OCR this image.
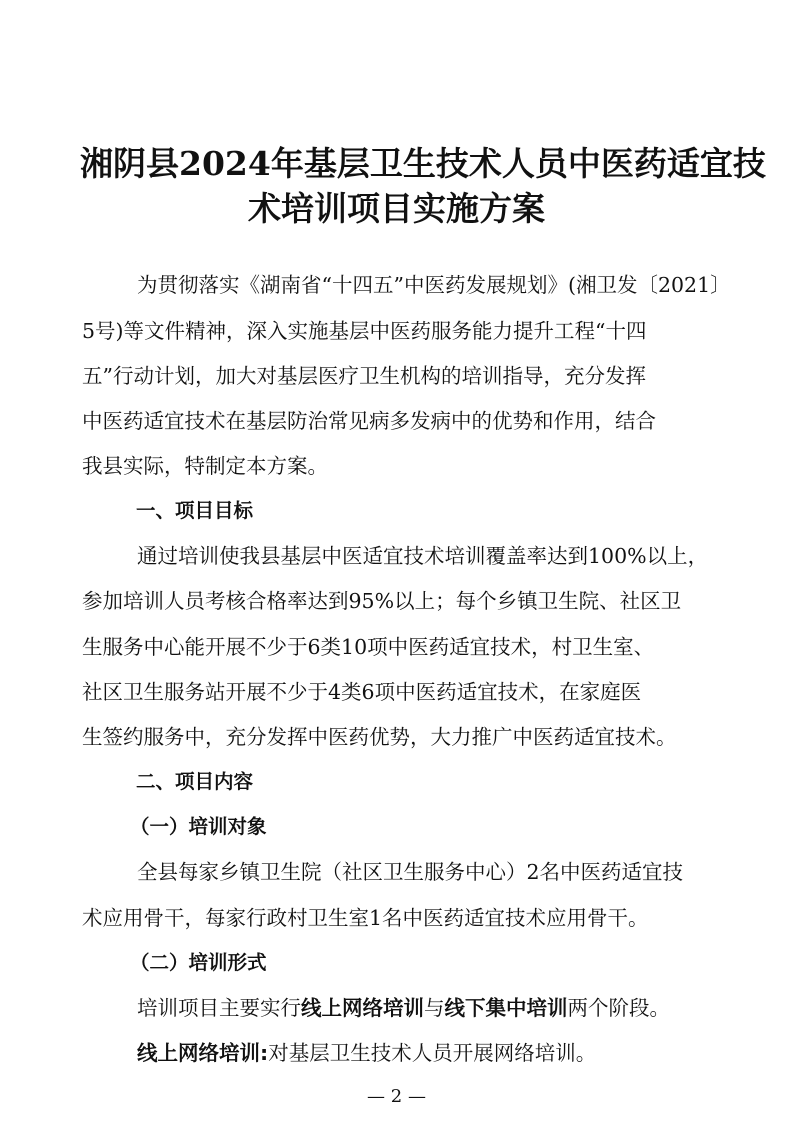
湘阴县2024年基层卫生技术人员中医药适宜技
术培训项目实施方案

为贯彻落实《湖南省“十四五”中医药发展规划》(湘卫发〔2021〕

5号)等文件精神，深入实施基层中医药服务能力提升工程“十四

五”行动计划，加大对基层医疗卫生机构的培训指导，充分发挥

中医药适宜技术在基层防治常见病多发病中的优势和作用，结合

我县实际，特制定本方案。

一、项目目标

通过培训使我县基层中医适宜技术培训覆盖率达到100%以上，

参加培训人员考核合格率达到95%以上；每个乡镇卫生院、社区卫

生服务中心能开展不少于6类10项中医药适宜技术，村卫生室、

社区卫生服务站开展不少于4类6项中医药适宜技术，在家庭医

生签约服务中，充分发挥中医药优势，大力推广中医药适宜技术。

二、项目内容

（一）培训对象

全县每家乡镇卫生院（社区卫生服务中心）2名中医药适宜技

术应用骨干，每家行政村卫生室1名中医药适宜技术应用骨干。

（二）培训形式

培训项目主要实行线上网络培训与线下集中培训两个阶段。

线上网络培训:对基层卫生技术人员开展网络培训。

— 2 —
